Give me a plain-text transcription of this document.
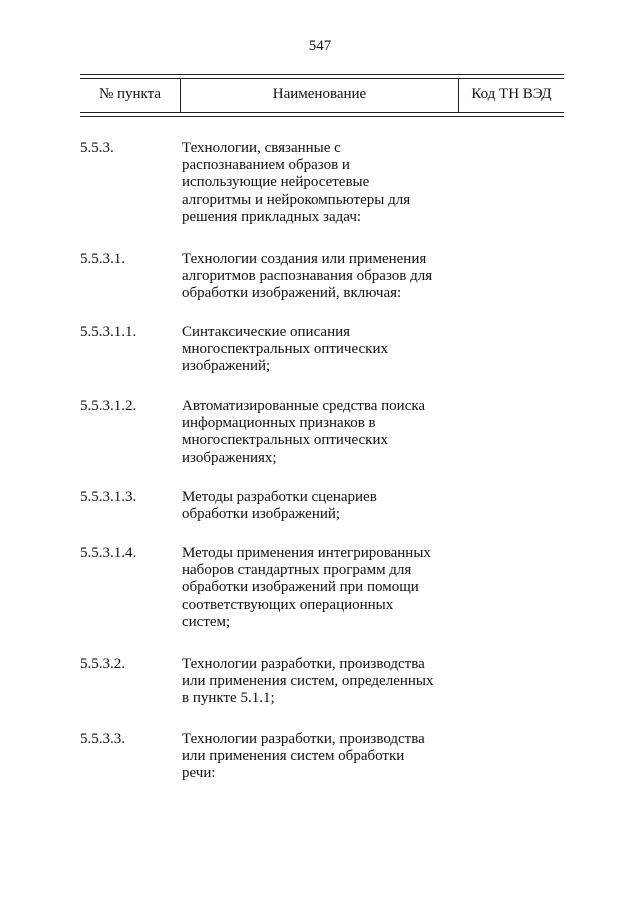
547
№ пункта	Наименование	Код ТН ВЭД
5.5.3.	Технологии, связанные с
распознаванием образов и
использующие нейросетевые
алгоритмы и нейрокомпьютеры для
решения прикладных задач:
5.5.3.1.	Технологии создания или применения
алгоритмов распознавания образов для
обработки изображений, включая:
5.5.3.1.1.	Синтаксические описания
многоспектральных оптических
изображений;
5.5.3.1.2.	Автоматизированные средства поиска
информационных признаков в
многоспектральных оптических
изображениях;
5.5.3.1.3.	Методы разработки сценариев
обработки изображений;
5.5.3.1.4.	Методы применения интегрированных
наборов стандартных программ для
обработки изображений при помощи
соответствующих операционных
систем;
5.5.3.2.	Технологии разработки, производства
или применения систем, определенных
в пункте 5.1.1;
5.5.3.3.	Технологии разработки, производства
или применения систем обработки
речи:
